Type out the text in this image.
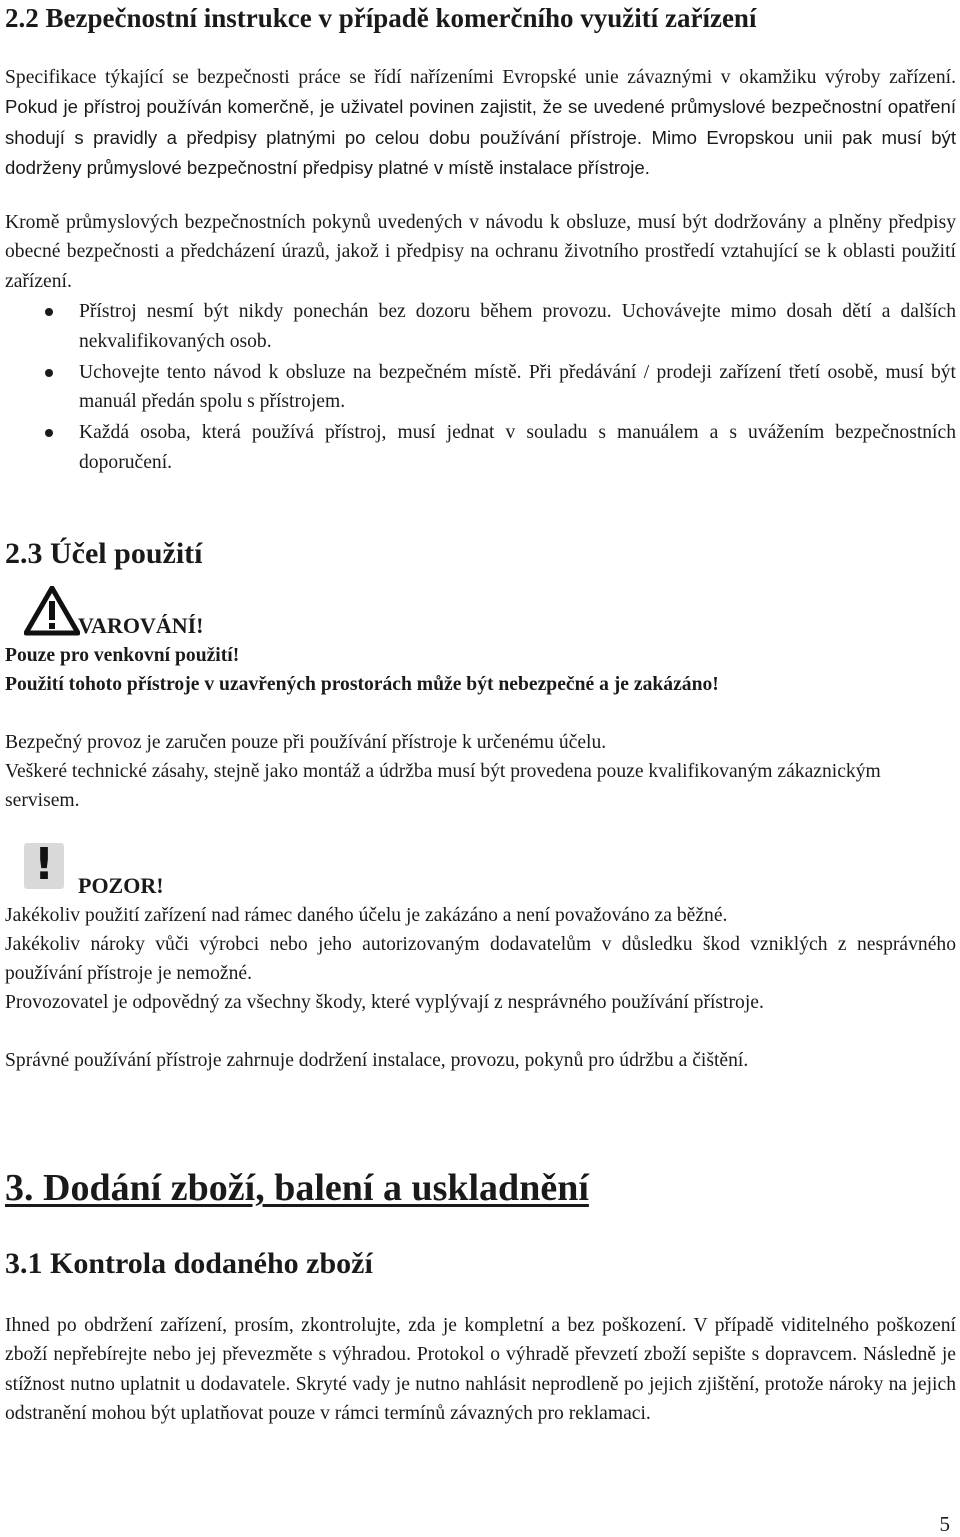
2.2 Bezpečnostní instrukce v případě komerčního využití zařízení

Specifikace týkající se bezpečnosti práce se řídí nařízeními Evropské unie závaznými v okamžiku výroby zařízení. Pokud je přístroj používán komerčně, je uživatel povinen zajistit, že se uvedené průmyslové bezpečnostní opatření shodují s pravidly a předpisy platnými po celou dobu používání přístroje. Mimo Evropskou unii pak musí být dodrženy průmyslové bezpečnostní předpisy platné v místě instalace přístroje.

Kromě průmyslových bezpečnostních pokynů uvedených v návodu k obsluze, musí být dodržovány a plněny předpisy obecné bezpečnosti a předcházení úrazů, jakož i předpisy na ochranu životního prostředí vztahující se k oblasti použití zařízení.

Přístroj nesmí být nikdy ponechán bez dozoru během provozu. Uchovávejte mimo dosah dětí a dalších nekvalifikovaných osob.
Uchovejte tento návod k obsluze na bezpečném místě. Při předávání / prodeji zařízení třetí osobě, musí být manuál předán spolu s přístrojem.
Každá osoba, která používá přístroj, musí jednat v souladu s manuálem a s uvážením bezpečnostních doporučení.
2.3 Účel použití
VAROVÁNÍ!
Pouze pro venkovní použití!
Použití tohoto přístroje v uzavřených prostorách může být nebezpečné a je zakázáno!

Bezpečný provoz je zaručen pouze při používání přístroje k určenému účelu.

Veškeré technické zásahy, stejně jako montáž a údržba musí být provedena pouze kvalifikovaným zákaznickým servisem.

!	POZOR!

Jakékoliv použití zařízení nad rámec daného účelu je zakázáno a není považováno za běžné.

Jakékoliv nároky vůči výrobci nebo jeho autorizovaným dodavatelům v důsledku škod vzniklých z nesprávného používání přístroje je nemožné.

Provozovatel je odpovědný za všechny škody, které vyplývají z nesprávného používání přístroje.

Správné používání přístroje zahrnuje dodržení instalace, provozu, pokynů pro údržbu a čištění.

3. Dodání zboží, balení a uskladnění
3.1 Kontrola dodaného zboží

Ihned po obdržení zařízení, prosím, zkontrolujte, zda je kompletní a bez poškození. V případě viditelného poškození zboží nepřebírejte nebo jej převezměte s výhradou. Protokol o výhradě převzetí zboží sepište s dopravcem. Následně je stížnost nutno uplatnit u dodavatele. Skryté vady je nutno nahlásit neprodleně po jejich zjištění, protože nároky na jejich odstranění mohou být uplatňovat pouze v rámci termínů závazných pro reklamaci.

5
